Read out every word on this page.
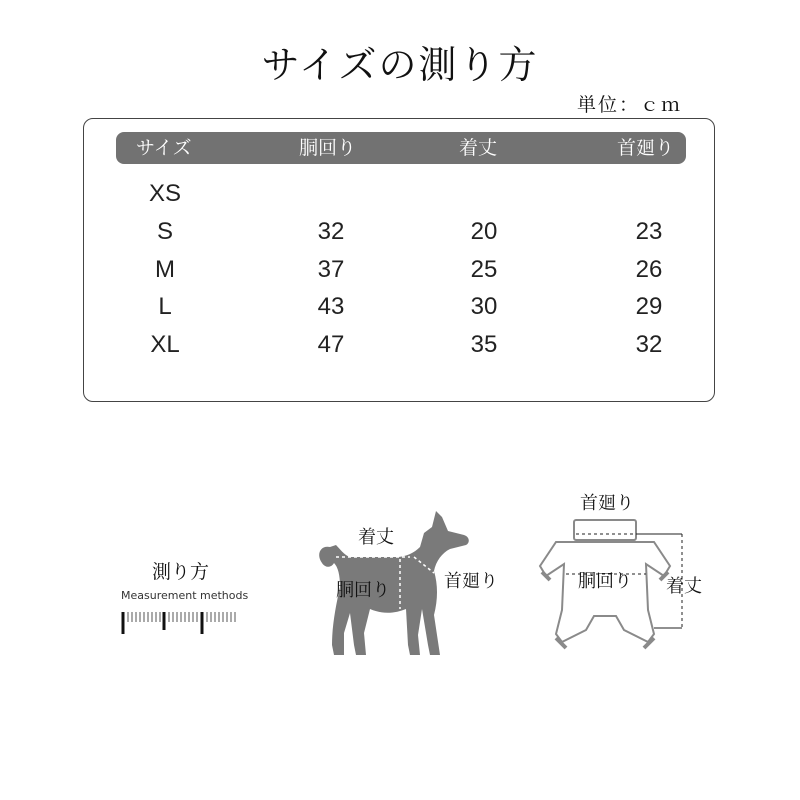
サイズの測り方
単位：ｃｍ
サイズ	胴回り	着丈	首廻り
XS
S	32	20	23
M	37	25	26
L	43	30	29
XL	47	35	32
測り方
Measurement methods
着丈
胴回り	首廻り
首廻り
胴回り 着丈
